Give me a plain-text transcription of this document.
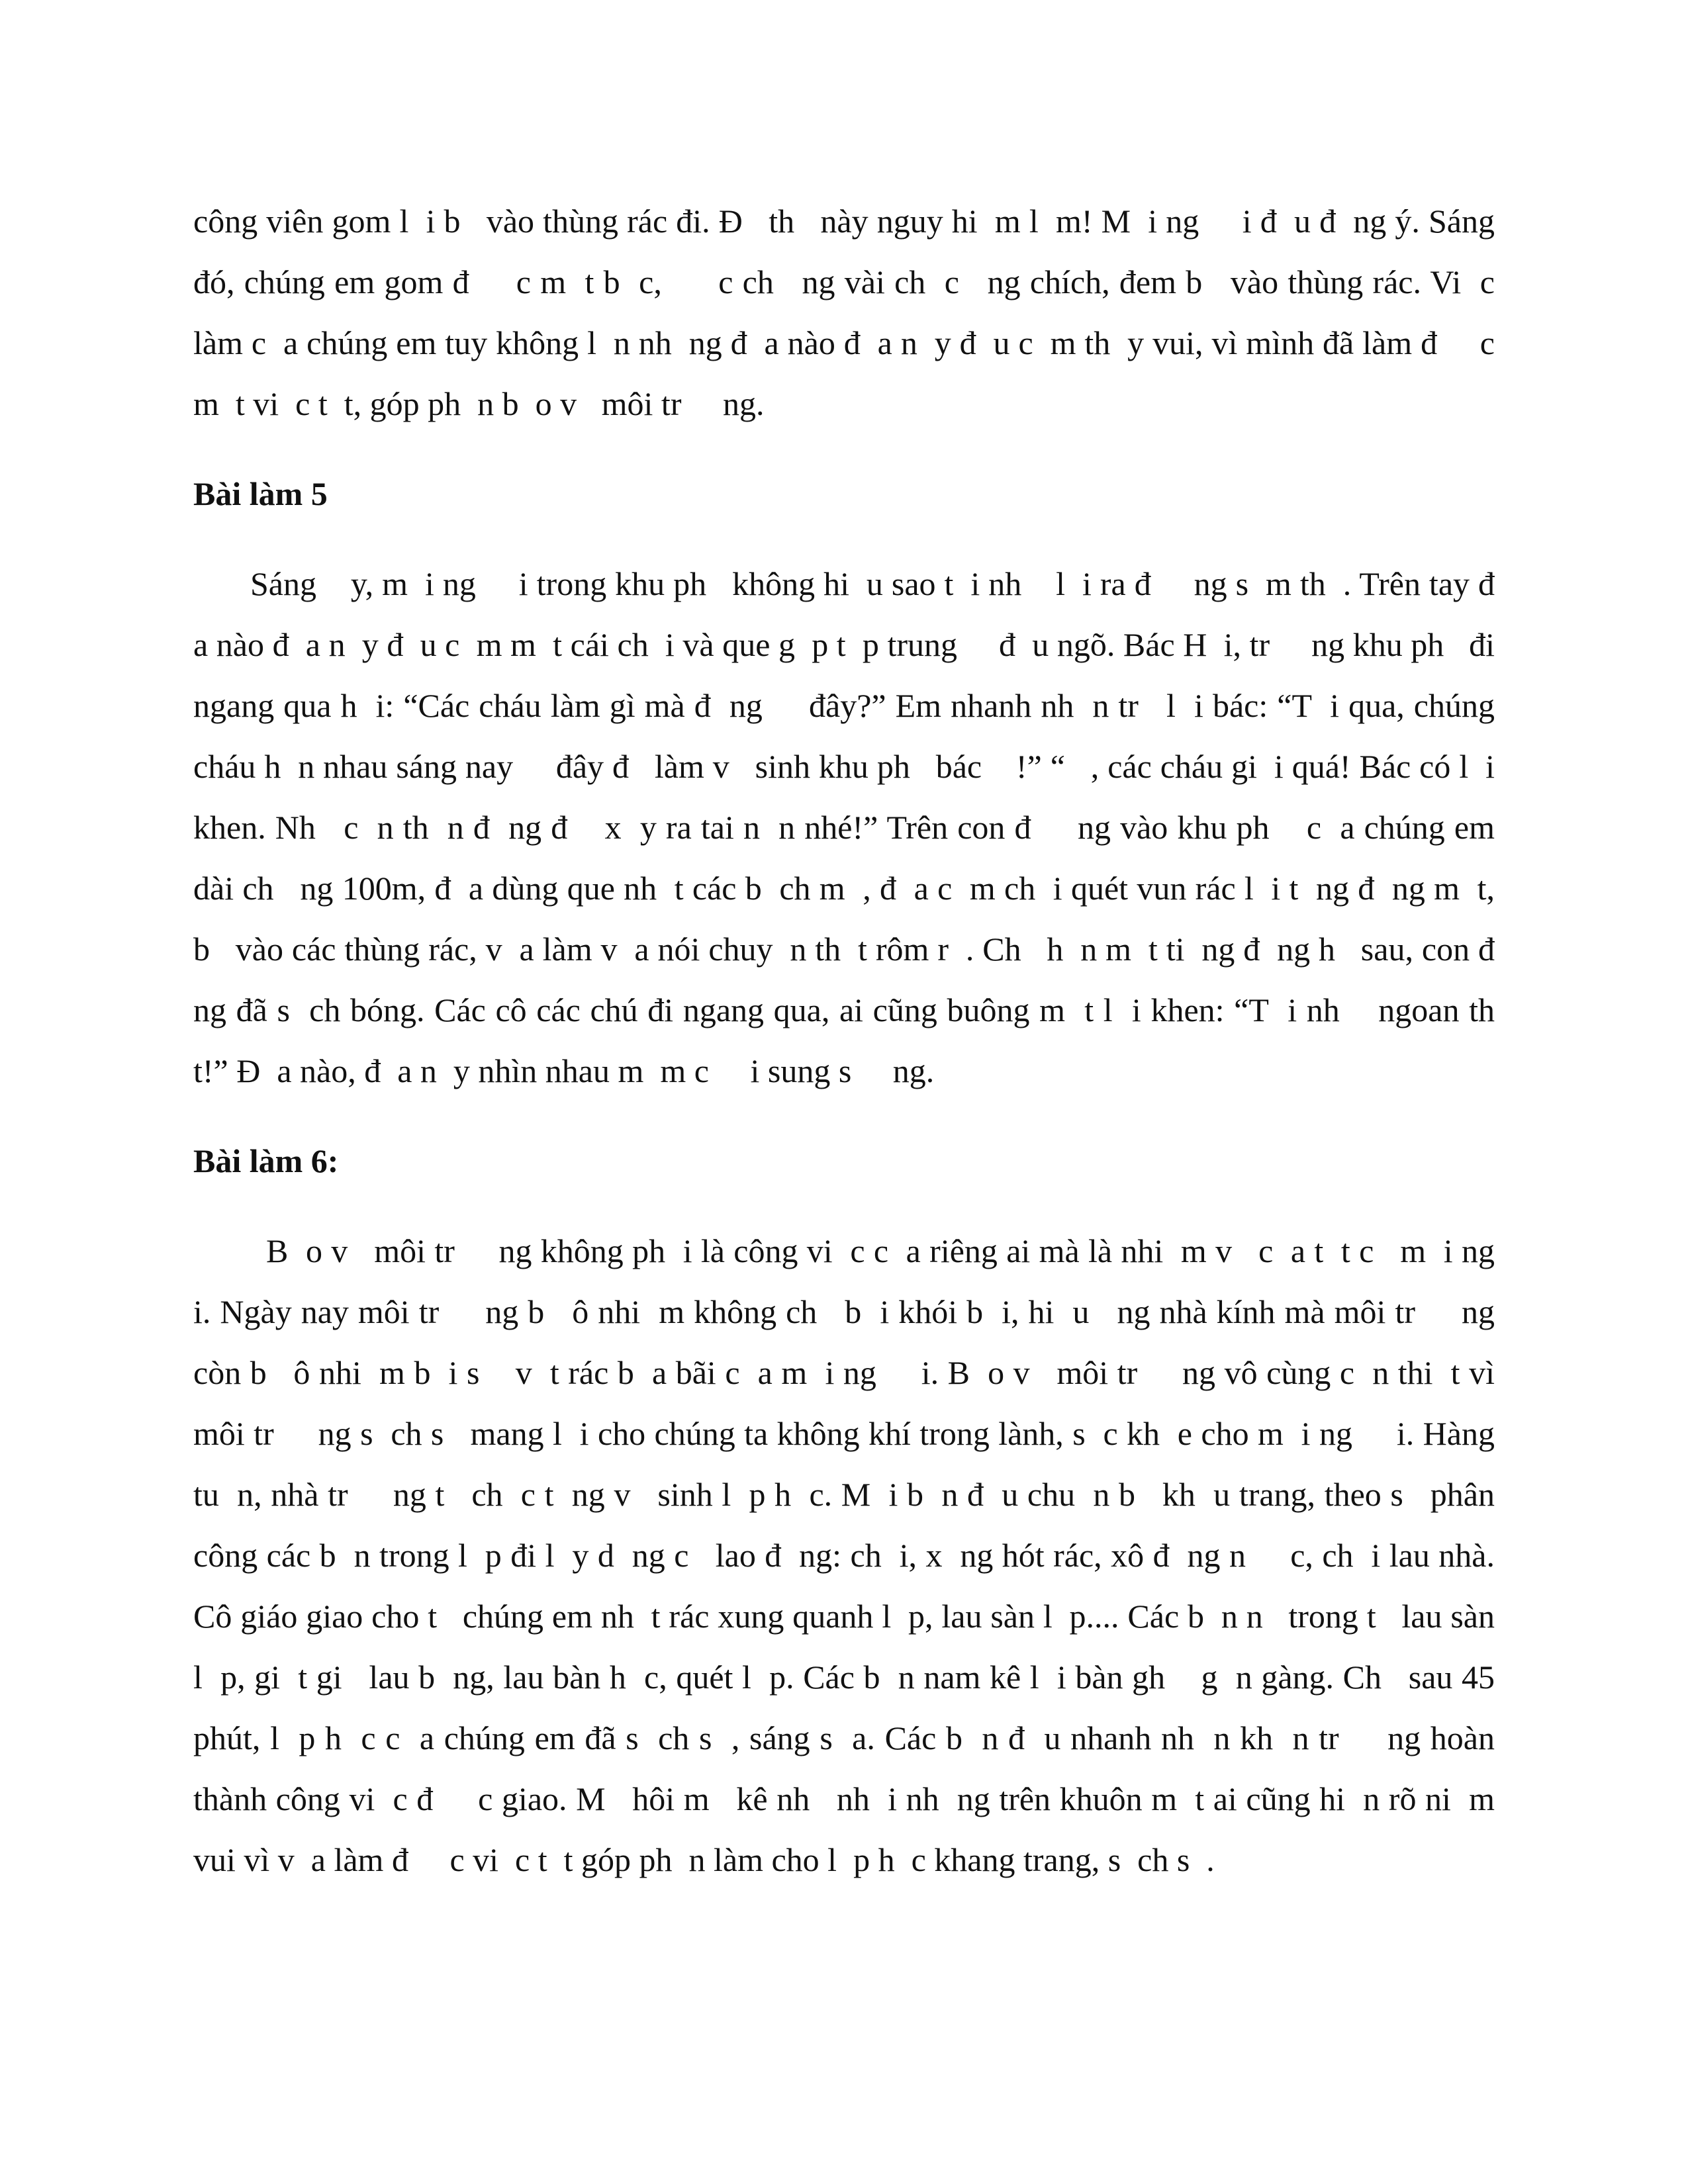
công viên gom l  i b   vào thùng rác đi. Đ   th   này nguy hi  m l  m! M  i ng     i đ  u đ  ng ý. Sáng đó, chúng em gom đ     c m  t b  c,      c ch   ng vài ch  c   ng chích, đem b   vào thùng rác. Vi  c làm c  a chúng em tuy không l  n nh  ng đ  a nào đ  a n  y đ  u c  m th  y vui, vì mình đã làm đ     c m  t vi  c t  t, góp ph  n b  o v   môi tr     ng.

Bài làm 5

Sáng    y, m  i ng     i trong khu ph   không hi  u sao t  i nh    l  i ra đ     ng s  m th  . Trên tay đ  a nào đ  a n  y đ  u c  m m  t cái ch  i và que g  p t  p trung     đ  u ngõ. Bác H  i, tr     ng khu ph   đi ngang qua h  i: “Các cháu làm gì mà đ  ng     đây?” Em nhanh nh  n tr   l  i bác: “T  i qua, chúng cháu h  n nhau sáng nay     đây đ   làm v   sinh khu ph   bác    !” “   , các cháu gi  i quá! Bác có l  i khen. Nh   c  n th  n đ  ng đ    x  y ra tai n  n nhé!” Trên con đ     ng vào khu ph    c  a chúng em dài ch   ng 100m, đ  a dùng que nh  t các b  ch m  , đ  a c  m ch  i quét vun rác l  i t  ng đ  ng m  t, b   vào các thùng rác, v  a làm v  a nói chuy  n th  t rôm r  . Ch   h  n m  t ti  ng đ  ng h   sau, con đ     ng đã s  ch bóng. Các cô các chú đi ngang qua, ai cũng buông m  t l  i khen: “T  i nh    ngoan th  t!” Đ  a nào, đ  a n  y nhìn nhau m  m c     i sung s     ng.

Bài làm 6:

B  o v   môi tr     ng không ph  i là công vi  c c  a riêng ai mà là nhi  m v   c  a t  t c   m  i ng     i. Ngày nay môi tr     ng b   ô nhi  m không ch   b  i khói b  i, hi  u   ng nhà kính mà môi tr     ng còn b   ô nhi  m b  i s    v  t rác b  a bãi c  a m  i ng     i. B  o v   môi tr     ng vô cùng c  n thi  t vì môi tr     ng s  ch s   mang l  i cho chúng ta không khí trong lành, s  c kh  e cho m  i ng     i. Hàng tu  n, nhà tr     ng t   ch  c t  ng v   sinh l  p h  c. M  i b  n đ  u chu  n b   kh  u trang, theo s   phân công các b  n trong l  p đi l  y d  ng c   lao đ  ng: ch  i, x  ng hót rác, xô đ  ng n     c, ch  i lau nhà. Cô giáo giao cho t   chúng em nh  t rác xung quanh l  p, lau sàn l  p.... Các b  n n   trong t   lau sàn l  p, gi  t gi   lau b  ng, lau bàn h  c, quét l  p. Các b  n nam kê l  i bàn gh    g  n gàng. Ch   sau 45 phút, l  p h  c c  a chúng em đã s  ch s  , sáng s  a. Các b  n đ  u nhanh nh  n kh  n tr     ng hoàn thành công vi  c đ     c giao. M   hôi m   kê nh   nh  i nh  ng trên khuôn m  t ai cũng hi  n rõ ni  m vui vì v  a làm đ     c vi  c t  t góp ph  n làm cho l  p h  c khang trang, s  ch s  .
